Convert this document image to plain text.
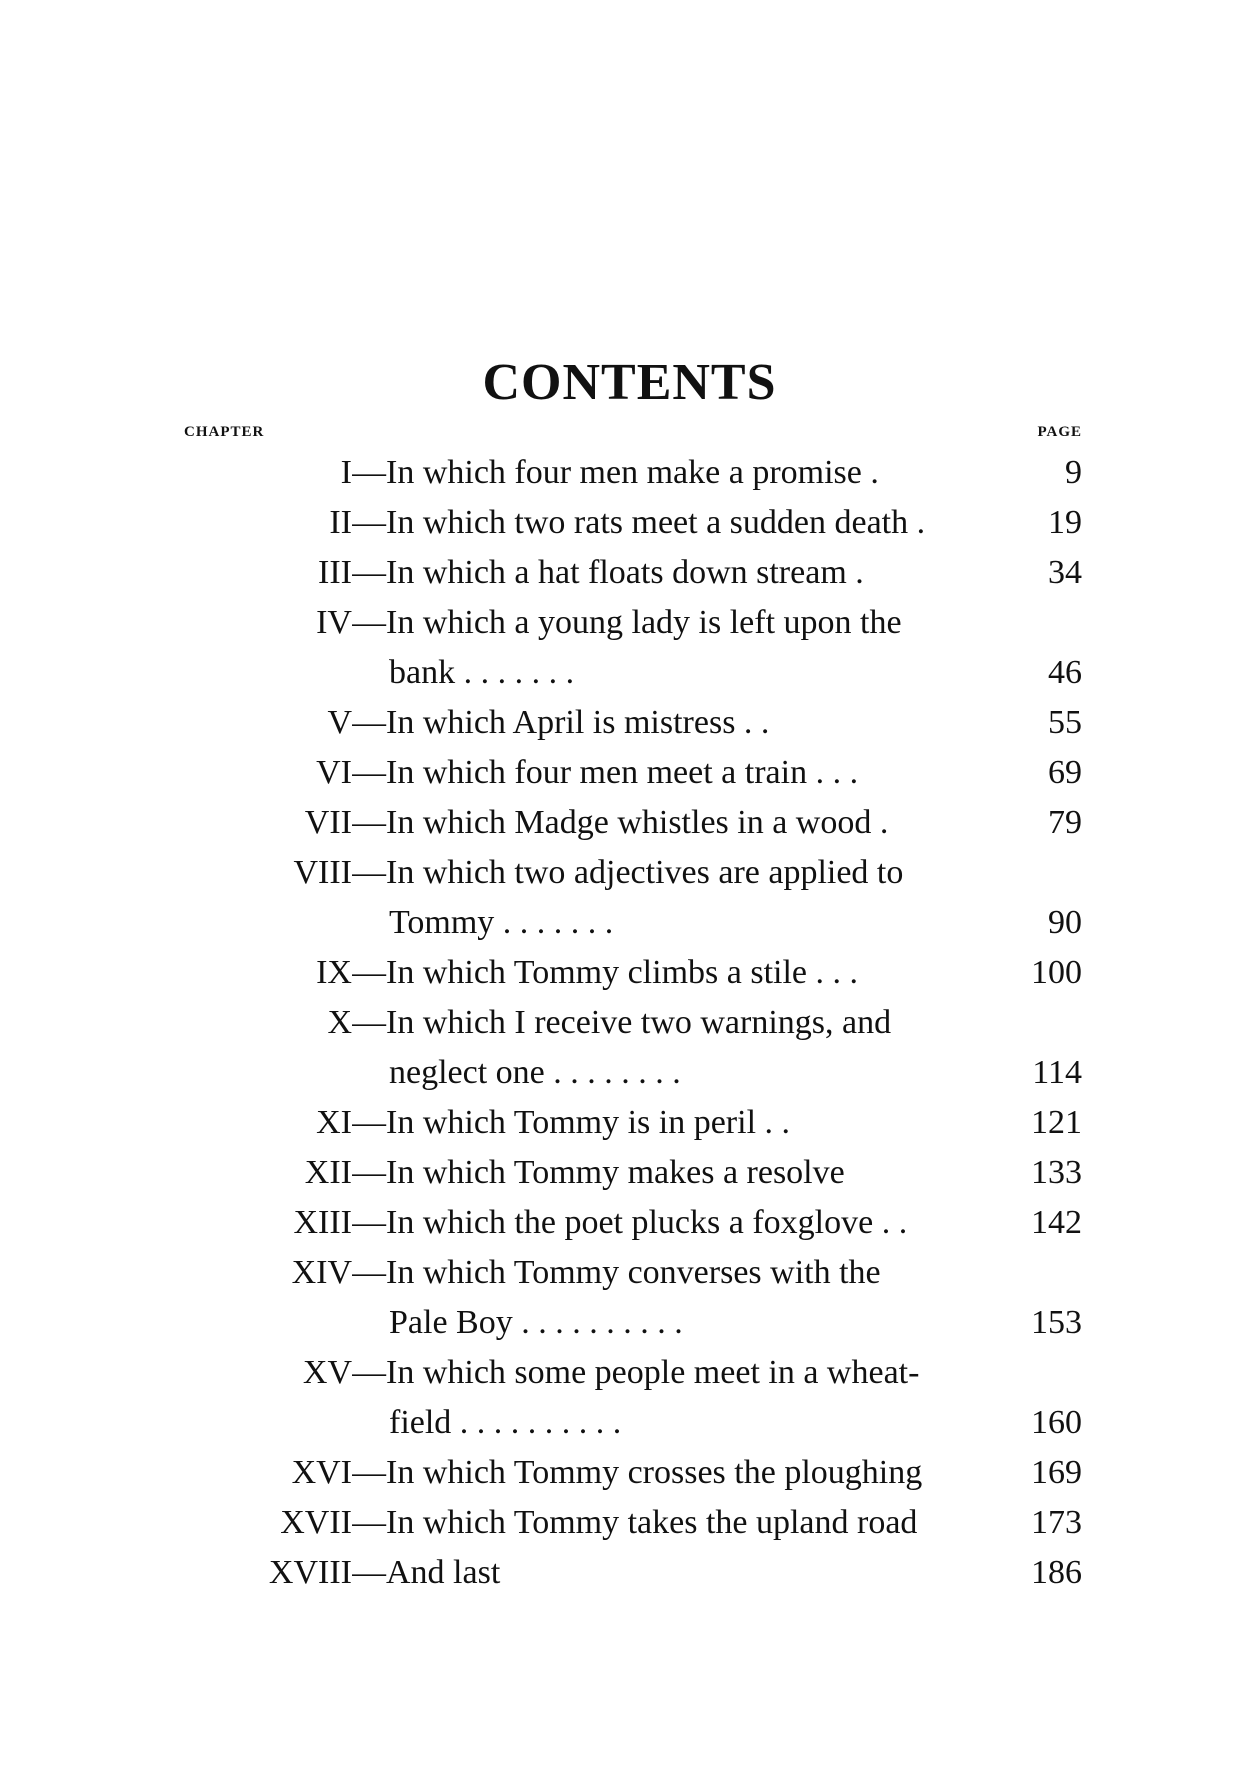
CONTENTS
CHAPTER	PAGE
I —In which four men make a promise .	9
II —In which two rats meet a sudden death .	19
III —In which a hat floats down stream .	34
IV —In which a young lady is left upon the
bank . . . . . . .	46
V —In which April is mistress . .	55
VI —In which four men meet a train . . .	69
VII —In which Madge whistles in a wood .	79
VIII —In which two adjectives are applied to
Tommy . . . . . . .	90
IX —In which Tommy climbs a stile . . .	100
X —In which I receive two warnings, and
neglect one . . . . . . . .	114
XI —In which Tommy is in peril . .	121
XII —In which Tommy makes a resolve	133
XIII —In which the poet plucks a foxglove . .	142
XIV —In which Tommy converses with the
Pale Boy . . . . . . . . . .	153
XV —In which some people meet in a wheat-
field . . . . . . . . . .	160
XVI —In which Tommy crosses the ploughing	169
XVII —In which Tommy takes the upland road	173
XVIII —And last	186
